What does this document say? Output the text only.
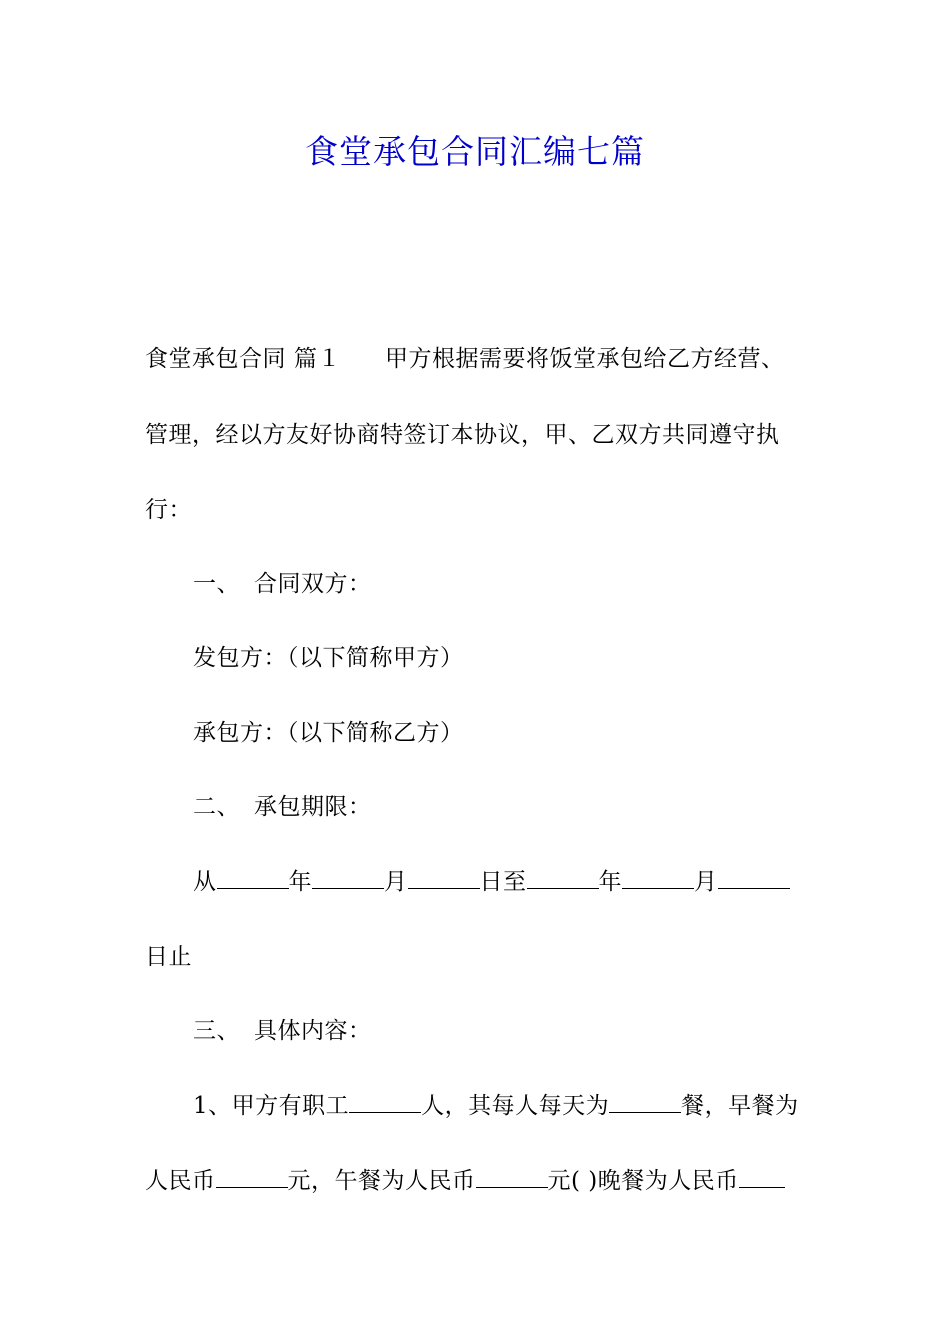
食堂承包合同汇编七篇
食堂承包合同 篇１ 甲方根据需要将饭堂承包给乙方经营、
管理，经以方友好协商特签订本协议，甲、乙双方共同遵守执
行：
一、 合同双方：
发包方：（以下简称甲方）
承包方：（以下简称乙方）
二、 承包期限：
从	年	月	日至	年	月
日止
三、 具体内容：
1、甲方有职工	人，其每人每天为	餐，早餐为
人民币	元，午餐为人民币	元( )晚餐为人民币
